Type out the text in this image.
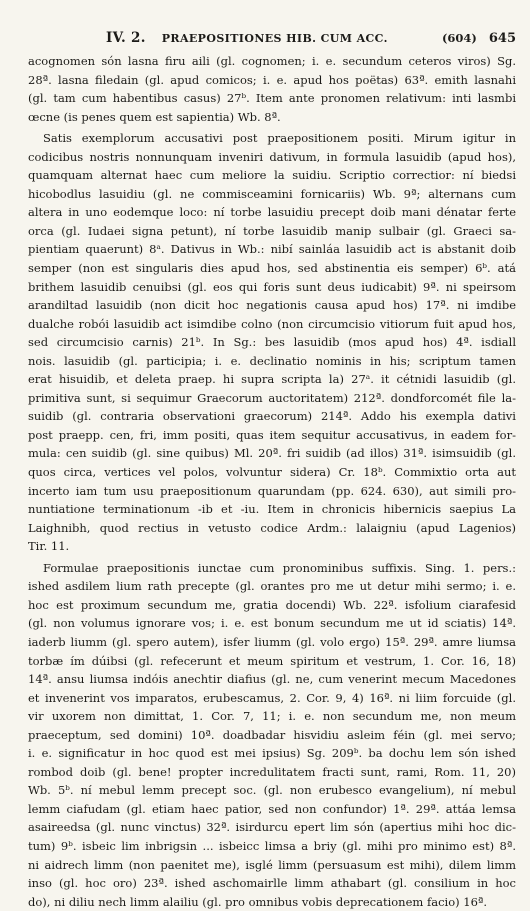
IV. 2. PRAEPOSITIONES HIB. CUM ACC.	(604) 645
acognomen són lasna firu aili (gl. cognomen; i. e. secundum ceteros viros) Sg.
28ª. lasna filedain (gl. apud comicos; i. e. apud hos poëtas) 63ª. emith lasnahi
(gl. tam cum habentibus casus) 27ᵇ. Item ante pronomen relativum: inti lasmbi
œcne (is penes quem est sapientia) Wb. 8ª.
Satis exemplorum accusativi post praepositionem positi. Mirum igitur in
codicibus nostris nonnunquam inveniri dativum, in formula lasuidib (apud hos),
quamquam alternat haec cum meliore la suidiu. Scriptio correctior: ní biedsi
hicobodlus lasuidiu (gl. ne commisceamini fornicariis) Wb. 9ª; alternans cum
altera in uno eodemque loco: ní torbe lasuidiu precept doib mani dénatar ferte
orca (gl. Iudaei signa petunt), ní torbe lasuidib manip sulbair (gl. Graeci sa-
pientiam quaerunt) 8ᵃ. Dativus in Wb.: nibí sainláa lasuidib act is abstanit doib
semper (non est singularis dies apud hos, sed abstinentia eis semper) 6ᵇ. atá
brithem lasuidib cenuibsi (gl. eos qui foris sunt deus iudicabit) 9ª. ni speirsom
arandiltad lasuidib (non dicit hoc negationis causa apud hos) 17ª. ni imdibe
dualche robói lasuidib act isimdibe colno (non circumcisio vitiorum fuit apud hos,
sed circumcisio carnis) 21ᵇ. In Sg.: bes lasuidib (mos apud hos) 4ª. isdiall
nois. lasuidib (gl. participia; i. e. declinatio nominis in his; scriptum tamen
erat hisuidib, et deleta praep. hi supra scripta la) 27ᵃ. it cétnidi lasuidib (gl.
primitiva sunt, si sequimur Graecorum auctoritatem) 212ª. dondforcomét file la-
suidib (gl. contraria observationi graecorum) 214ª. Addo his exempla dativi
post praepp. cen, fri, imm positi, quas item sequitur accusativus, in eadem for-
mula: cen suidib (gl. sine quibus) Ml. 20ª. fri suidib (ad illos) 31ª. isimsuidib (gl.
quos circa, vertices vel polos, volvuntur sidera) Cr. 18ᵇ. Commixtio orta aut
incerto iam tum usu praepositionum quarundam (pp. 624. 630), aut simili pro-
nuntiatione terminationum -ib et -iu. Item in chronicis hibernicis saepius La
Laighnibh, quod rectius in vetusto codice Ardm.: lalaigniu (apud Lagenios)
Tir. 11.
Formulae praepositionis iunctae cum pronominibus suffixis. Sing. 1. pers.:
ished asdilem lium rath precepte (gl. orantes pro me ut detur mihi sermo; i. e.
hoc est proximum secundum me, gratia docendi) Wb. 22ª. isfolium ciarafesid
(gl. non volumus ignorare vos; i. e. est bonum secundum me ut id sciatis) 14ª.
iaderb liumm (gl. spero autem), isfer liumm (gl. volo ergo) 15ª. 29ª. amre liumsa
torbæ ím dúibsi (gl. refecerunt et meum spiritum et vestrum, 1. Cor. 16, 18)
14ª. ansu liumsa indóis anechtir diafius (gl. ne, cum venerint mecum Macedones
et invenerint vos imparatos, erubescamus, 2. Cor. 9, 4) 16ª. ni liim forcuide (gl.
vir uxorem non dimittat, 1. Cor. 7, 11; i. e. non secundum me, non meum
praeceptum, sed domini) 10ª. doadbadar hisvidiu asleim féin (gl. mei servo;
i. e. significatur in hoc quod est mei ipsius) Sg. 209ᵇ. ba dochu lem són ished
rombod doib (gl. bene! propter incredulitatem fracti sunt, rami, Rom. 11, 20)
Wb. 5ᵇ. ní mebul lemm precept soc. (gl. non erubesco evangelium), ní mebul
lemm ciafudam (gl. etiam haec patior, sed non confundor) 1ª. 29ª. attáa lemsa
asaireedsa (gl. nunc vinctus) 32ª. isirdurcu epert lim són (apertius mihi hoc dic-
tum) 9ᵇ. isbeic lim inbrigsin ... isbeicc limsa a briy (gl. mihi pro minimo est) 8ª.
ni aidrech limm (non paenitet me), isglé limm (persuasum est mihi), dilem limm
inso (gl. hoc oro) 23ª. ished aschomairlle limm athabart (gl. consilium in hoc
do), ni diliu nech limm alailiu (gl. pro omnibus vobis deprecationem facio) 16ª.
